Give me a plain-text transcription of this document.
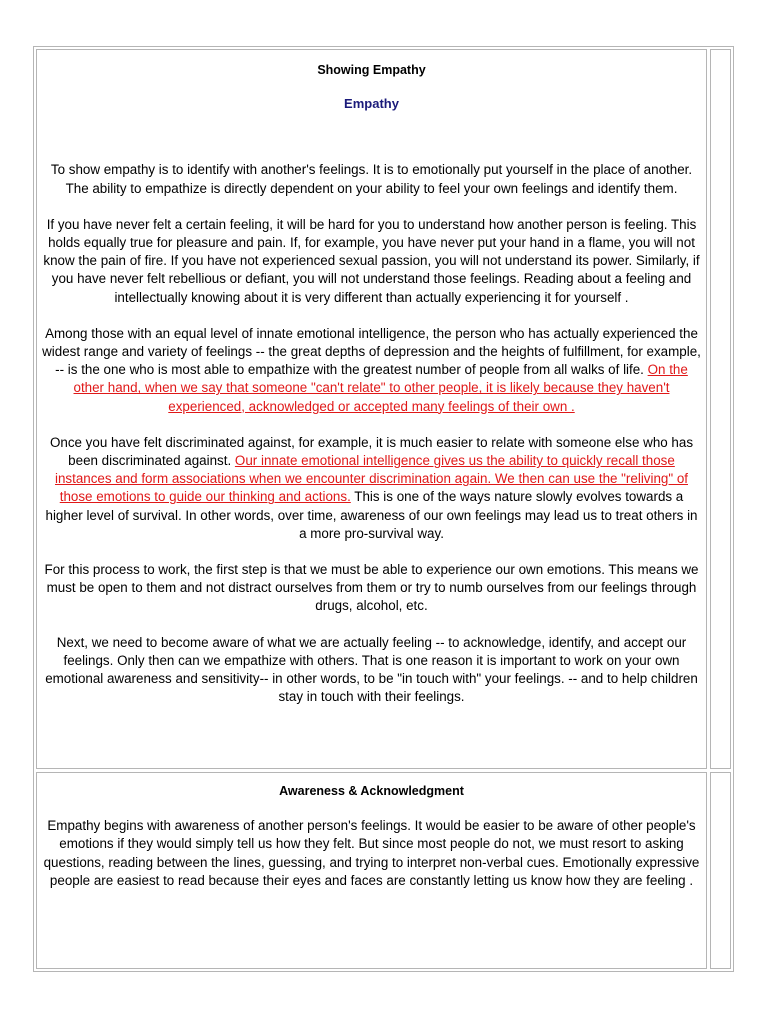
Showing Empathy

Empathy

To show empathy is to identify with another's feelings. It is to emotionally put yourself in the place of another. The ability to empathize is directly dependent on your ability to feel your own feelings and identify them.

If you have never felt a certain feeling, it will be hard for you to understand how another person is feeling. This holds equally true for pleasure and pain. If, for example, you have never put your hand in a flame, you will not know the pain of fire. If you have not experienced sexual passion, you will not understand its power. Similarly, if you have never felt rebellious or defiant, you will not understand those feelings. Reading about a feeling and intellectually knowing about it is very different than actually experiencing it for yourself .

Among those with an equal level of innate emotional intelligence, the person who has actually experienced the widest range and variety of feelings -- the great depths of depression and the heights of fulfillment, for example, -- is the one who is most able to empathize with the greatest number of people from all walks of life. On the other hand, when we say that someone "can't relate" to other people, it is likely because they haven't experienced, acknowledged or accepted many feelings of their own .

Once you have felt discriminated against, for example, it is much easier to relate with someone else who has been discriminated against. Our innate emotional intelligence gives us the ability to quickly recall those instances and form associations when we encounter discrimination again. We then can use the "reliving" of those emotions to guide our thinking and actions. This is one of the ways nature slowly evolves towards a higher level of survival. In other words, over time, awareness of our own feelings may lead us to treat others in a more pro-survival way.

For this process to work, the first step is that we must be able to experience our own emotions. This means we must be open to them and not distract ourselves from them or try to numb ourselves from our feelings through drugs, alcohol, etc.

Next, we need to become aware of what we are actually feeling -- to acknowledge, identify, and accept our feelings. Only then can we empathize with others. That is one reason it is important to work on your own emotional awareness and sensitivity-- in other words, to be "in touch with" your feelings. -- and to help children stay in touch with their feelings.

Awareness & Acknowledgment

Empathy begins with awareness of another person's feelings. It would be easier to be aware of other people's emotions if they would simply tell us how they felt. But since most people do not, we must resort to asking questions, reading between the lines, guessing, and trying to interpret non-verbal cues. Emotionally expressive people are easiest to read because their eyes and faces are constantly letting us know how they are feeling .
